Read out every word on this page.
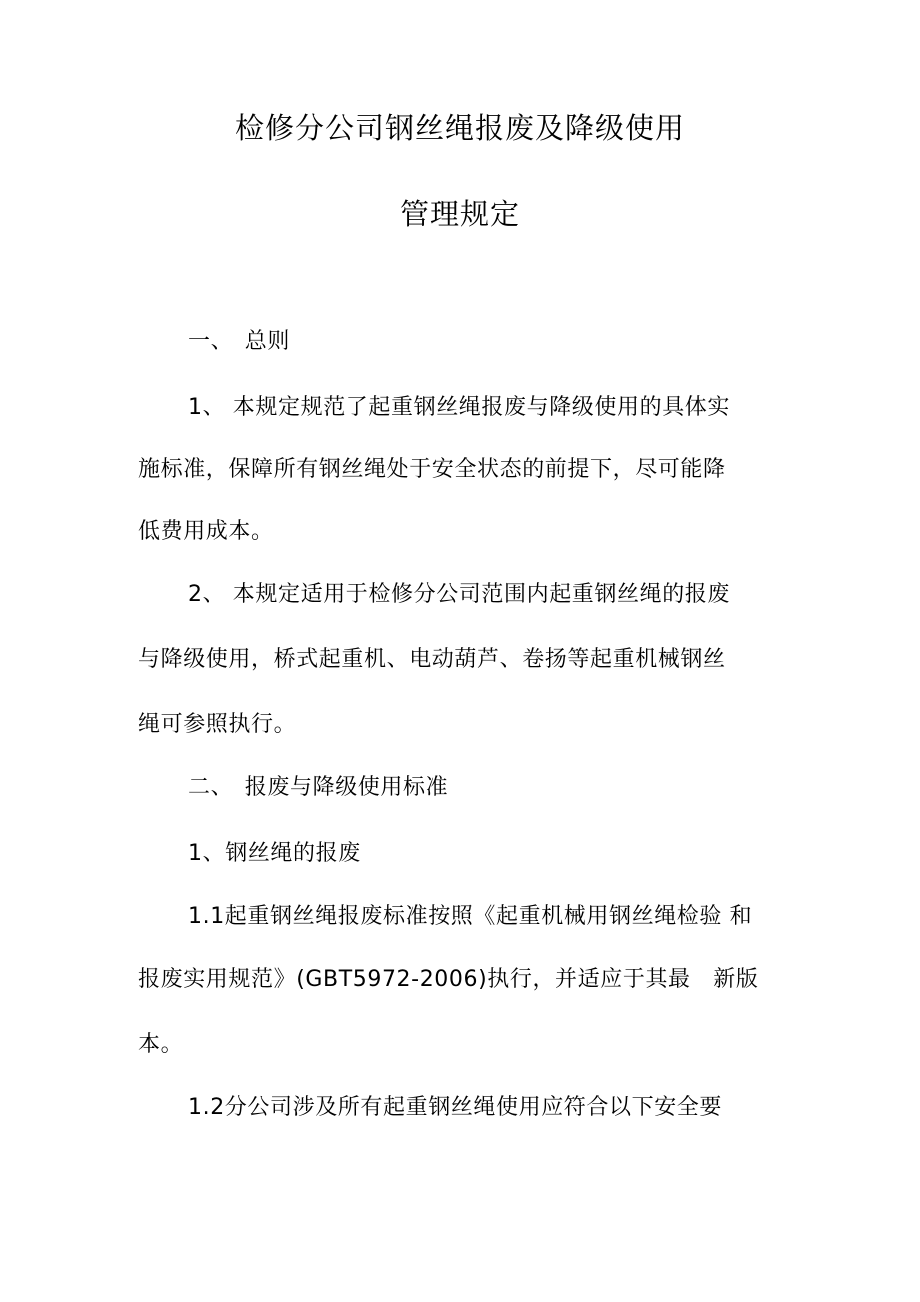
检修分公司钢丝绳报废及降级使用
管理规定
一、　总则
1、 本规定规范了起重钢丝绳报废与降级使用的具体实
施标准，保障所有钢丝绳处于安全状态的前提下，尽可能降
低费用成本。
2、 本规定适用于检修分公司范围内起重钢丝绳的报废
与降级使用，桥式起重机、电动葫芦、卷扬等起重机械钢丝
绳可参照执行。
二、　报废与降级使用标准
1、钢丝绳的报废
1.1起重钢丝绳报废标准按照《起重机械用钢丝绳检验 和
报废实用规范》(GBT5972-2006)执行，并适应于其最　新版
本。
1.2分公司涉及所有起重钢丝绳使用应符合以下安全要
